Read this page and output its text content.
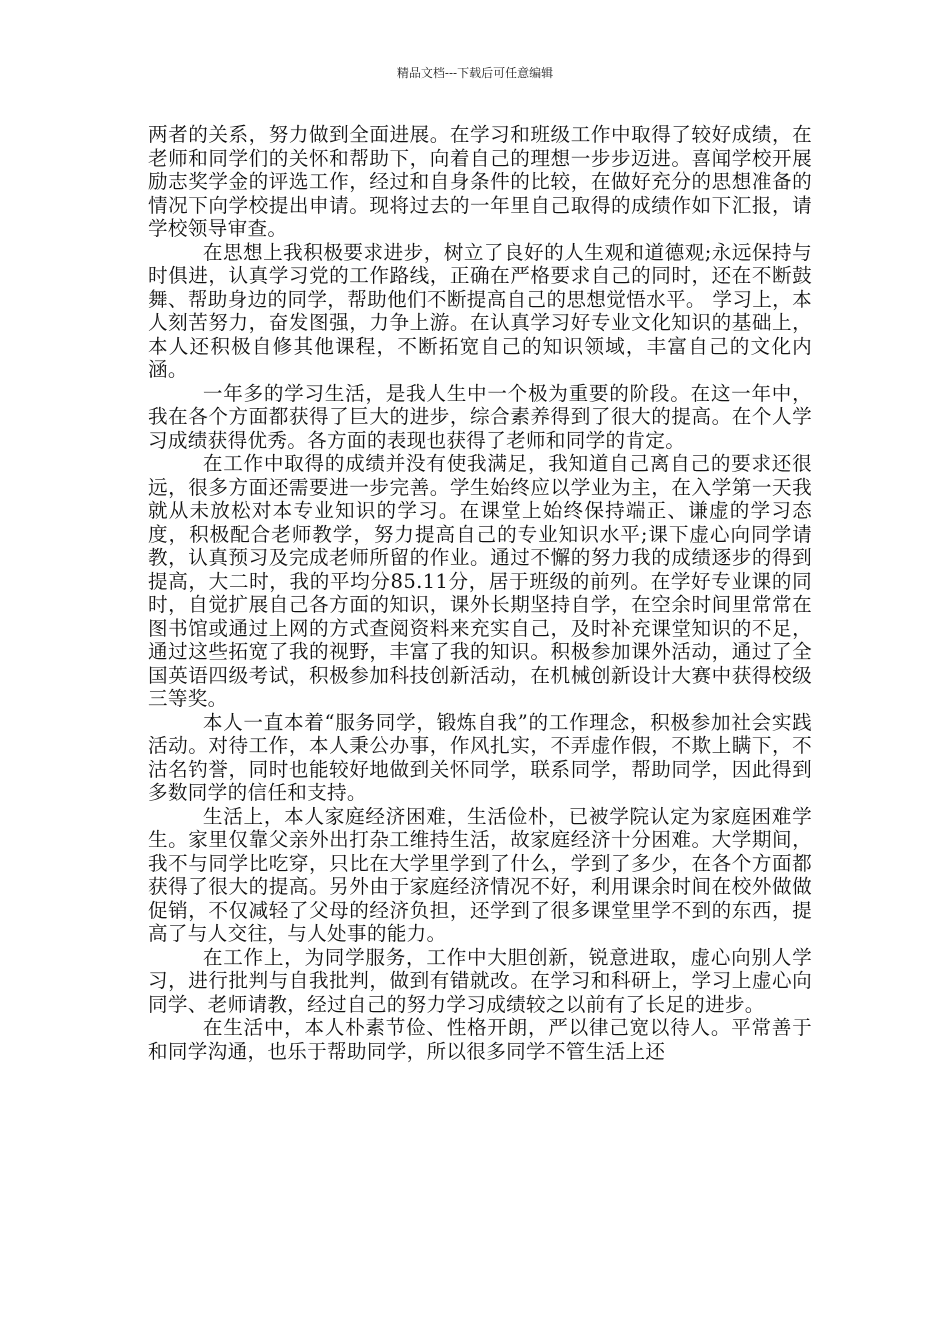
精品文档---下载后可任意编辑

两者的关系，努力做到全面进展。在学习和班级工作中取得了较好成绩，在老师和同学们的关怀和帮助下，向着自己的理想一步步迈进。喜闻学校开展励志奖学金的评选工作，经过和自身条件的比较，在做好充分的思想准备的情况下向学校提出申请。现将过去的一年里自己取得的成绩作如下汇报，请学校领导审查。

在思想上我积极要求进步，树立了良好的人生观和道德观;永远保持与时俱进，认真学习党的工作路线，正确在严格要求自己的同时，还在不断鼓舞、帮助身边的同学，帮助他们不断提高自己的思想觉悟水平。 学习上，本人刻苦努力，奋发图强，力争上游。在认真学习好专业文化知识的基础上，本人还积极自修其他课程，不断拓宽自己的知识领域，丰富自己的文化内涵。

一年多的学习生活，是我人生中一个极为重要的阶段。在这一年中，我在各个方面都获得了巨大的进步，综合素养得到了很大的提高。在个人学习成绩获得优秀。各方面的表现也获得了老师和同学的肯定。

在工作中取得的成绩并没有使我满足，我知道自己离自己的要求还很远，很多方面还需要进一步完善。学生始终应以学业为主，在入学第一天我就从未放松对本专业知识的学习。在课堂上始终保持端正、谦虚的学习态度，积极配合老师教学，努力提高自己的专业知识水平;课下虚心向同学请教，认真预习及完成老师所留的作业。通过不懈的努力我的成绩逐步的得到提高，大二时，我的平均分85.11分，居于班级的前列。在学好专业课的同时，自觉扩展自己各方面的知识，课外长期坚持自学，在空余时间里常常在图书馆或通过上网的方式查阅资料来充实自己，及时补充课堂知识的不足，通过这些拓宽了我的视野，丰富了我的知识。积极参加课外活动，通过了全国英语四级考试，积极参加科技创新活动，在机械创新设计大赛中获得校级三等奖。

本人一直本着“服务同学，锻炼自我”的工作理念，积极参加社会实践活动。对待工作，本人秉公办事，作风扎实，不弄虚作假，不欺上瞒下，不沽名钓誉，同时也能较好地做到关怀同学，联系同学，帮助同学，因此得到多数同学的信任和支持。

生活上，本人家庭经济困难，生活俭朴，已被学院认定为家庭困难学生。家里仅靠父亲外出打杂工维持生活，故家庭经济十分困难。大学期间，我不与同学比吃穿，只比在大学里学到了什么，学到了多少，在各个方面都获得了很大的提高。另外由于家庭经济情况不好，利用课余时间在校外做做促销，不仅减轻了父母的经济负担，还学到了很多课堂里学不到的东西，提高了与人交往，与人处事的能力。

在工作上，为同学服务，工作中大胆创新，锐意进取，虚心向别人学习，进行批判与自我批判，做到有错就改。在学习和科研上，学习上虚心向同学、老师请教，经过自己的努力学习成绩较之以前有了长足的进步。

在生活中，本人朴素节俭、性格开朗，严以律己宽以待人。平常善于和同学沟通，也乐于帮助同学，所以很多同学不管生活上还
